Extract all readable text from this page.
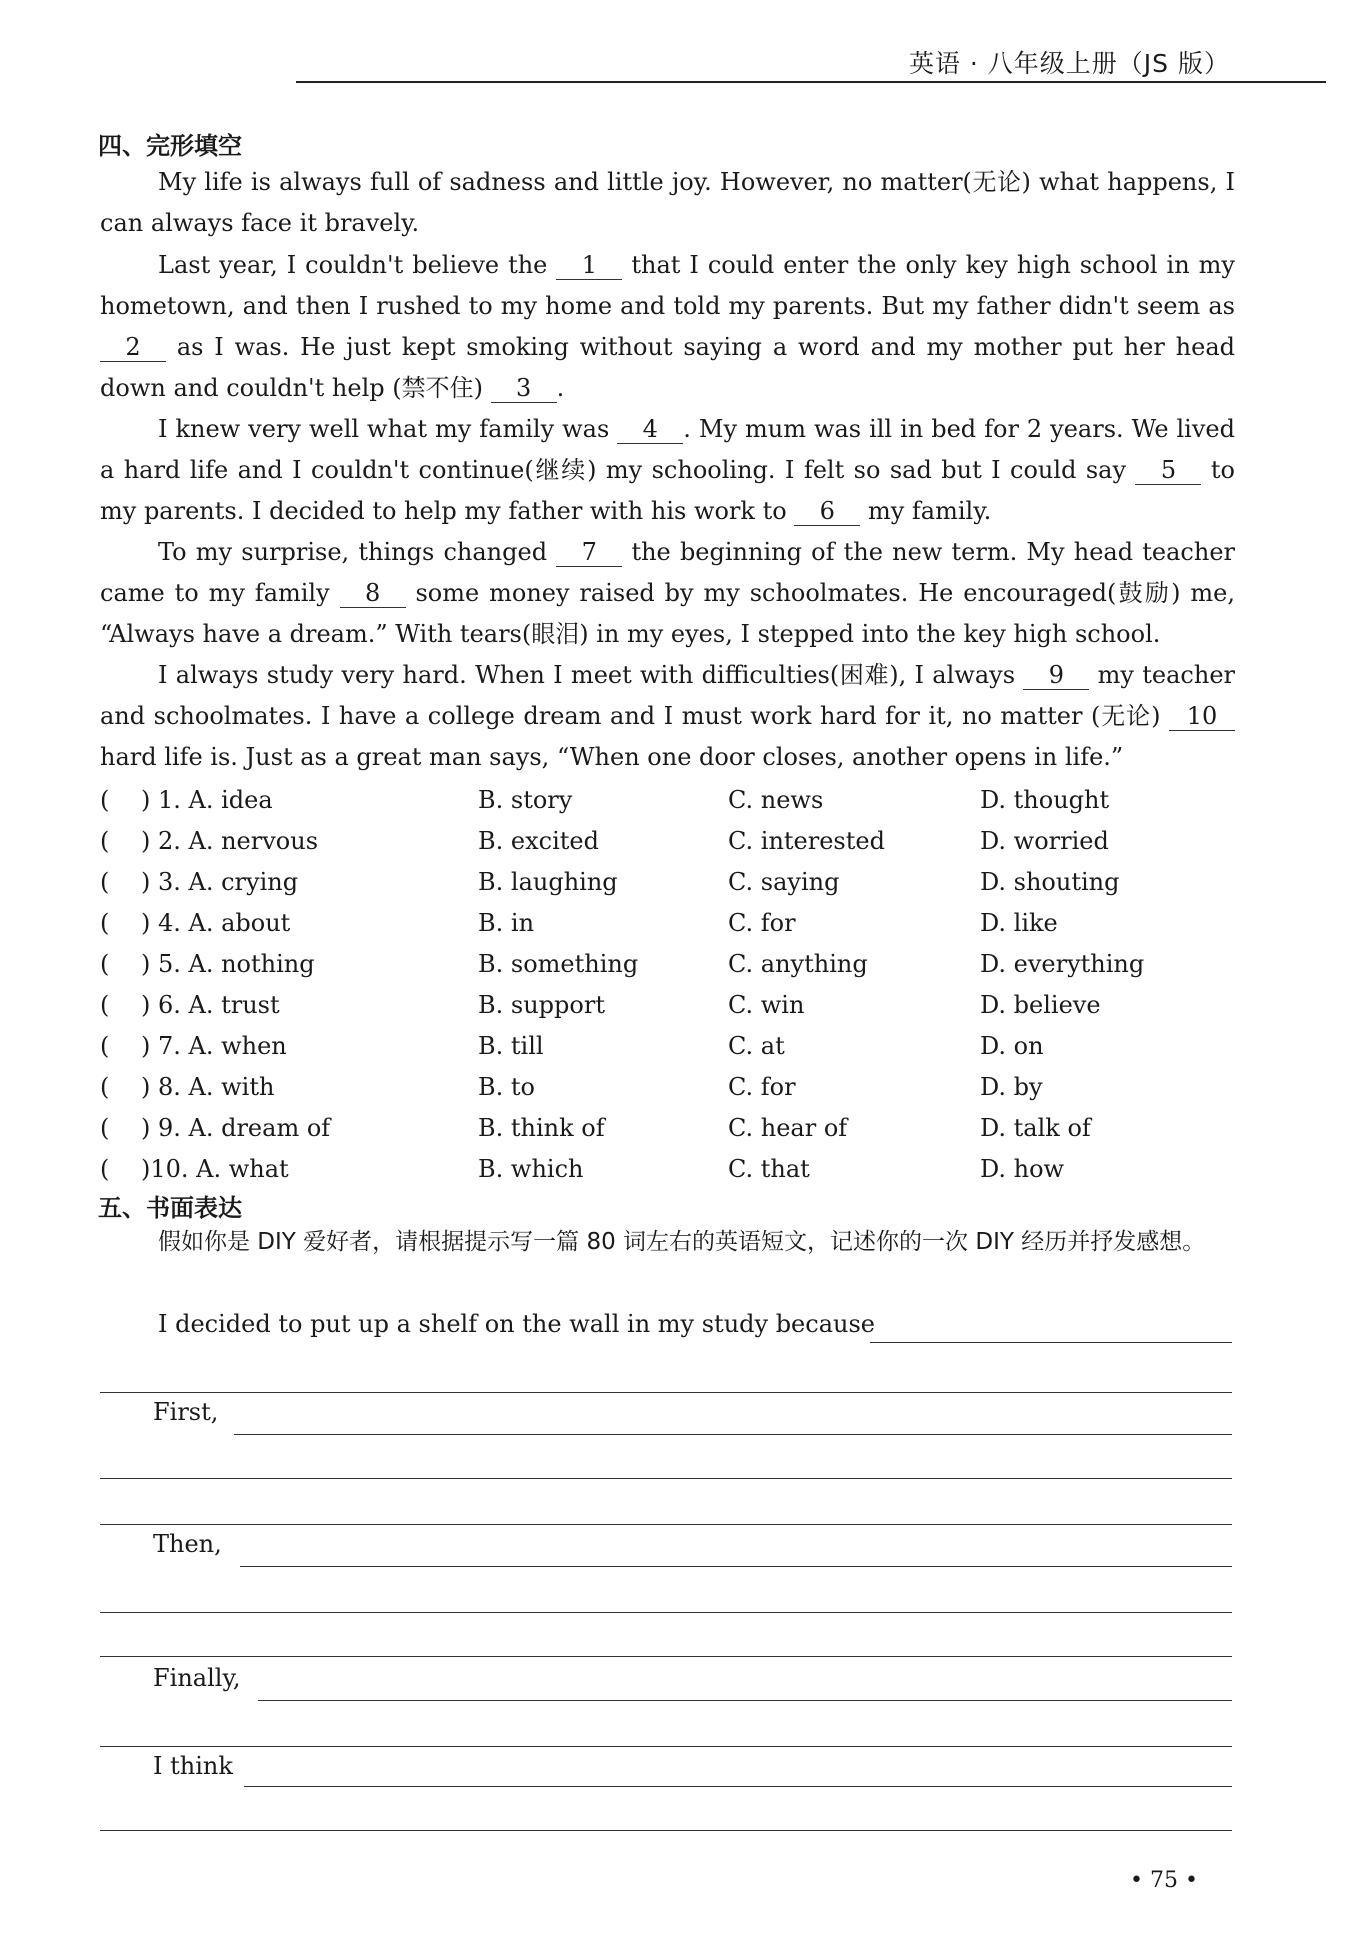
英语 · 八年级上册（JS 版）
四、完形填空
My life is always full of sadness and little joy. However, no matter(无论) what happens, I can always face it bravely.
Last year, I couldn't believe the 1 that I could enter the only key high school in my hometown, and then I rushed to my home and told my parents. But my father didn't seem as 2 as I was. He just kept smoking without saying a word and my mother put her head down and couldn't help (禁不住) 3 .
I knew very well what my family was 4 . My mum was ill in bed for 2 years. We lived a hard life and I couldn't continue(继续) my schooling. I felt so sad but I could say 5 to my parents. I decided to help my father with his work to 6 my family.
To my surprise, things changed 7 the beginning of the new term. My head teacher came to my family 8 some money raised by my schoolmates. He encouraged(鼓励) me, “Always have a dream.” With tears(眼泪) in my eyes, I stepped into the key high school.
I always study very hard. When I meet with difficulties(困难), I always 9 my teacher and schoolmates. I have a college dream and I must work hard for it, no matter (无论) 10 hard life is. Just as a great man says, “When one door closes, another opens in life.”
(　 ) 1. A. idea	B. story	C. news	D. thought
(　 ) 2. A. nervous	B. excited	C. interested	D. worried
(　 ) 3. A. crying	B. laughing	C. saying	D. shouting
(　 ) 4. A. about	B. in	C. for	D. like
(　 ) 5. A. nothing	B. something	C. anything	D. everything
(　 ) 6. A. trust	B. support	C. win	D. believe
(　 ) 7. A. when	B. till	C. at	D. on
(　 ) 8. A. with	B. to	C. for	D. by
(　 ) 9. A. dream of	B. think of	C. hear of	D. talk of
(　 )10. A. what	B. which	C. that	D. how
五、书面表达
假如你是 DIY 爱好者，请根据提示写一篇 80 词左右的英语短文，记述你的一次 DIY 经历并抒发感想。
I decided to put up a shelf on the wall in my study because
First,
Then,
Finally,
I think
• 75 •
